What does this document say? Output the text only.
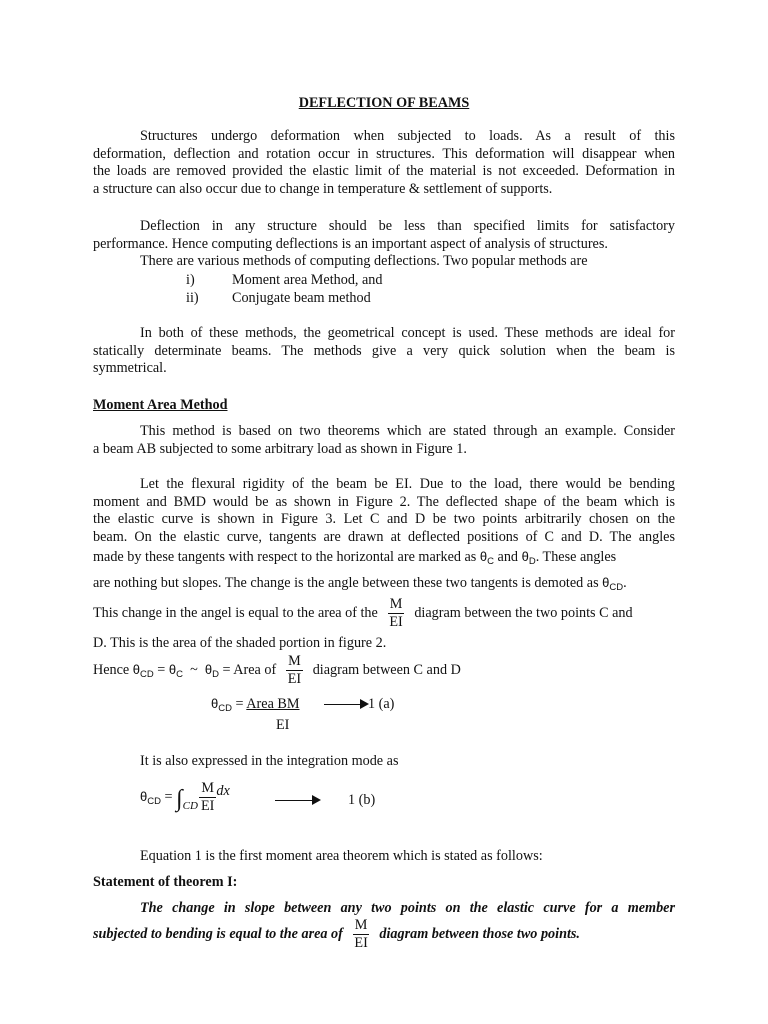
DEFLECTION OF BEAMS
Structures undergo deformation when subjected to loads. As a result of this
deformation, deflection and rotation occur in structures. This deformation will disappear when
the loads are removed provided the elastic limit of the material is not exceeded. Deformation in
a structure can also occur due to change in temperature & settlement of supports.
Deflection in any structure should be less than specified limits for satisfactory
performance. Hence computing deflections is an important aspect of analysis of structures.
There are various methods of computing deflections. Two popular methods are
i)	Moment area Method, and
ii) Conjugate beam method
In both of these methods, the geometrical concept is used. These methods are ideal for
statically determinate beams. The methods give a very quick solution when the beam is
symmetrical.
Moment Area Method
This method is based on two theorems which are stated through an example. Consider
a beam AB subjected to some arbitrary load as shown in Figure 1.
Let the flexural rigidity of the beam be EI. Due to the load, there would be bending
moment and BMD would be as shown in Figure 2. The deflected shape of the beam which is
the elastic curve is shown in Figure 3. Let C and D be two points arbitrarily chosen on the
beam. On the elastic curve, tangents are drawn at deflected positions of C and D. The angles
made by these tangents with respect to the horizontal are marked as $\theta_C$ and $\theta_D$. These angles
are nothing but slopes. The change is the angle between these two tangents is demoted as $\theta_{CD}$.
This change in the angel is equal to the area of the $\frac{M}{EI}$ diagram between the two points C and
D. This is the area of the shaded portion in figure 2.
Hence $\theta_{CD} = \theta_C$ ~ $\theta_D$ = Area of $\frac{M}{EI}$ diagram between C and D
$\theta_{CD}$ = Area BM
EI
1 (a)
It is also expressed in the integration mode as
$\theta_{CD} = \int_{CD} \frac{M}{EI}$ dx
1 (b)
Equation 1 is the first moment area theorem which is stated as follows:
Statement of theorem I:
The change in slope between any two points on the elastic curve for a member
subjected to bending is equal to the area of $\frac{M}{EI}$ diagram between those two points.
